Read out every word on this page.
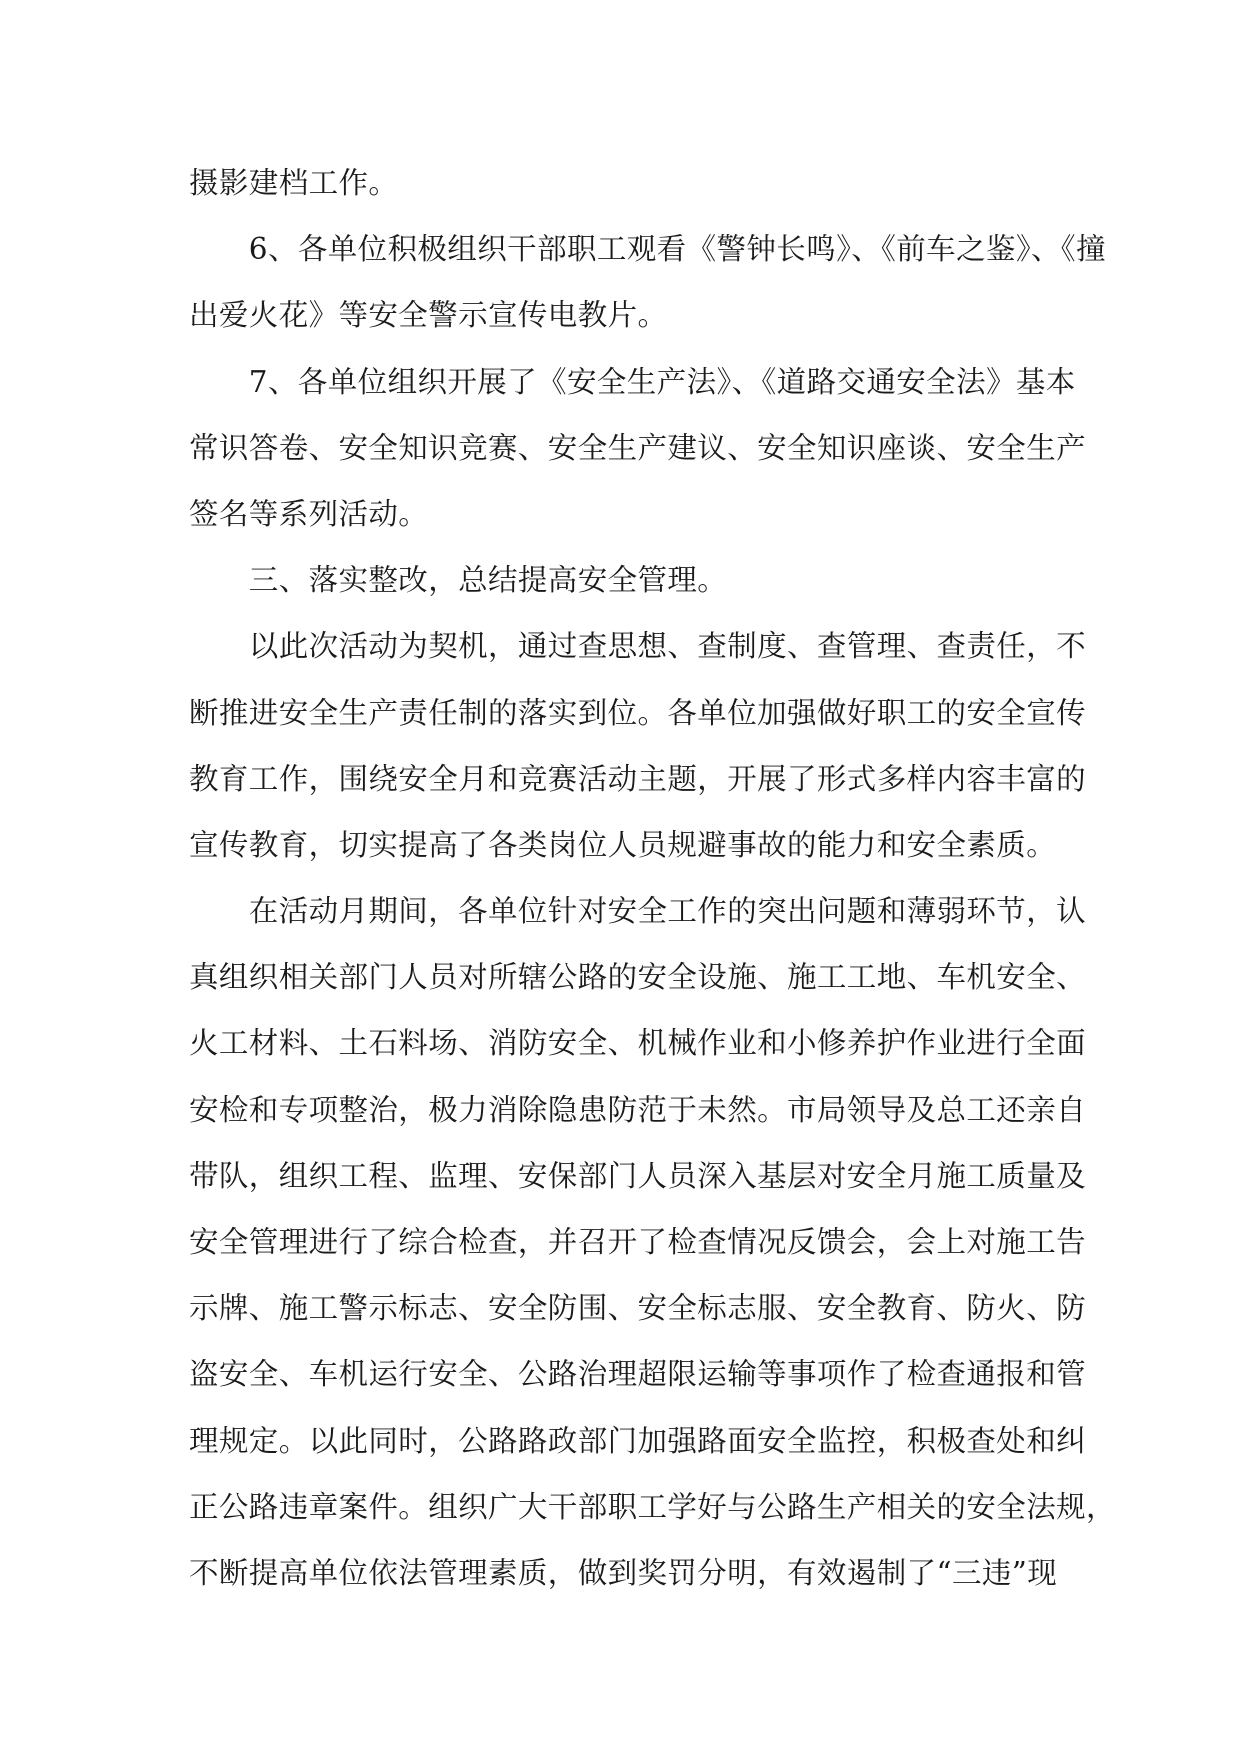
摄影建档工作。
　　6、各单位积极组织干部职工观看《警钟长鸣》、《前车之鉴》、《撞
出爱火花》等安全警示宣传电教片。
　　7、各单位组织开展了《安全生产法》、《道路交通安全法》基本
常识答卷、安全知识竞赛、安全生产建议、安全知识座谈、安全生产
签名等系列活动。
　　三、落实整改，总结提高安全管理。
　　以此次活动为契机，通过查思想、查制度、查管理、查责任，不
断推进安全生产责任制的落实到位。各单位加强做好职工的安全宣传
教育工作，围绕安全月和竞赛活动主题，开展了形式多样内容丰富的
宣传教育，切实提高了各类岗位人员规避事故的能力和安全素质。
　　在活动月期间，各单位针对安全工作的突出问题和薄弱环节，认
真组织相关部门人员对所辖公路的安全设施、施工工地、车机安全、
火工材料、土石料场、消防安全、机械作业和小修养护作业进行全面
安检和专项整治，极力消除隐患防范于未然。市局领导及总工还亲自
带队，组织工程、监理、安保部门人员深入基层对安全月施工质量及
安全管理进行了综合检查，并召开了检查情况反馈会，会上对施工告
示牌、施工警示标志、安全防围、安全标志服、安全教育、防火、防
盗安全、车机运行安全、公路治理超限运输等事项作了检查通报和管
理规定。以此同时，公路路政部门加强路面安全监控，积极查处和纠
正公路违章案件。组织广大干部职工学好与公路生产相关的安全法规，
不断提高单位依法管理素质，做到奖罚分明，有效遏制了“三违”现
